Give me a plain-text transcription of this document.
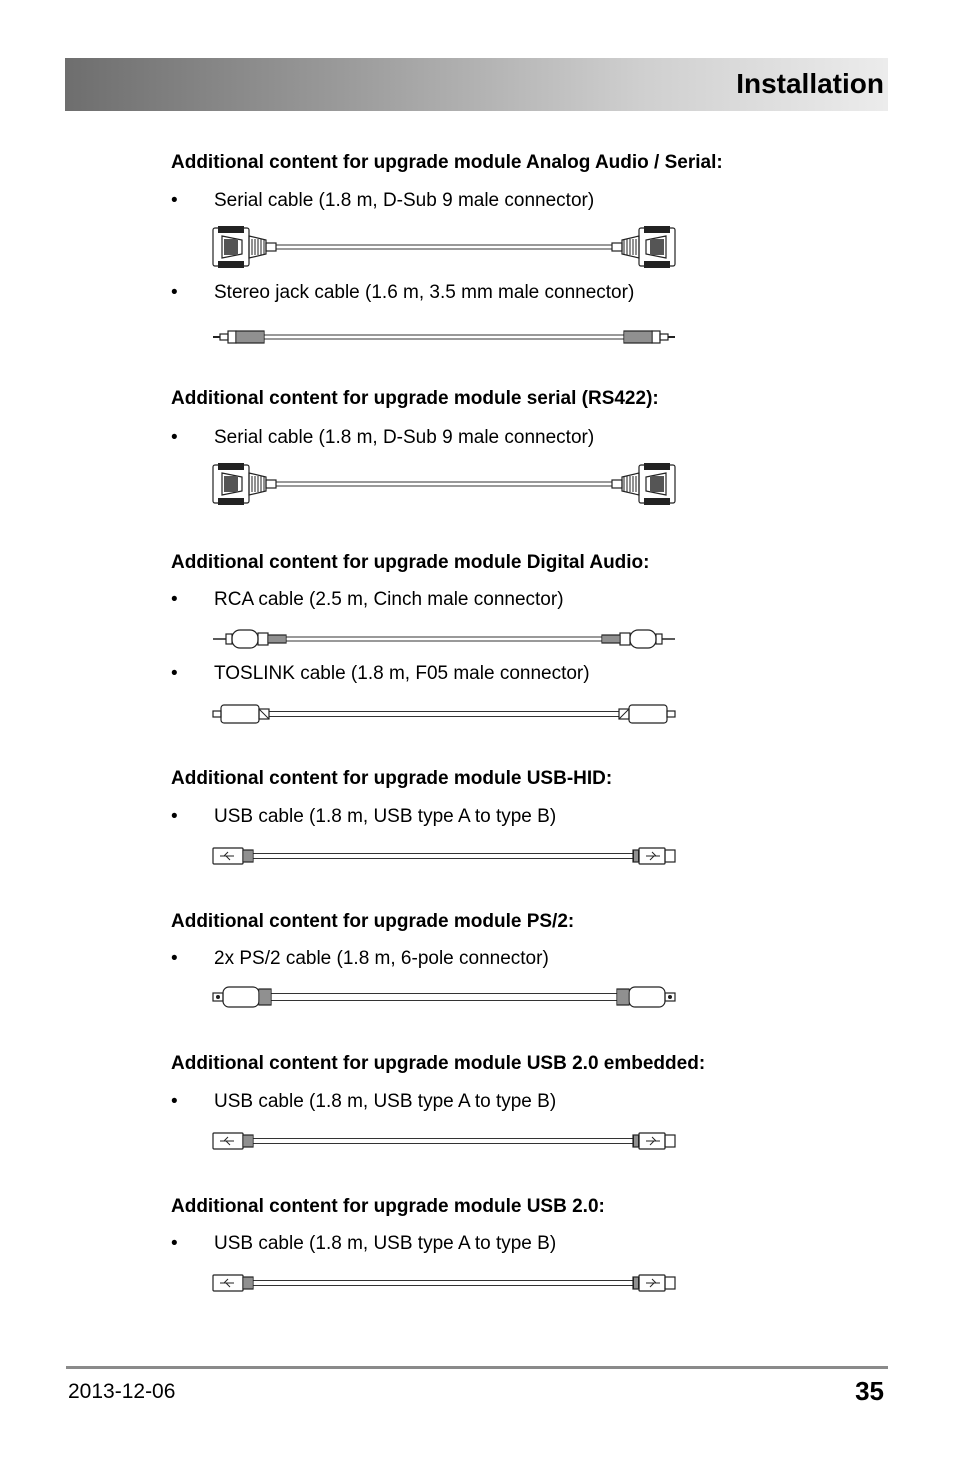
Installation
Additional content for upgrade module Analog Audio / Serial:
• Serial cable (1.8 m, D-Sub 9 male connector)
• Stereo jack cable (1.6 m, 3.5 mm male connector)
Additional content for upgrade module serial (RS422):
• Serial cable (1.8 m, D-Sub 9 male connector)
Additional content for upgrade module Digital Audio:
• RCA cable (2.5 m, Cinch male connector)
• TOSLINK cable (1.8 m, F05 male connector)
Additional content for upgrade module USB-HID:
• USB cable (1.8 m, USB type A to type B)
Additional content for upgrade module PS/2:
• 2x PS/2 cable (1.8 m, 6-pole connector)
Additional content for upgrade module USB 2.0 embedded:
• USB cable (1.8 m, USB type A to type B)
Additional content for upgrade module USB 2.0:
• USB cable (1.8 m, USB type A to type B)
2013-12-06	35
